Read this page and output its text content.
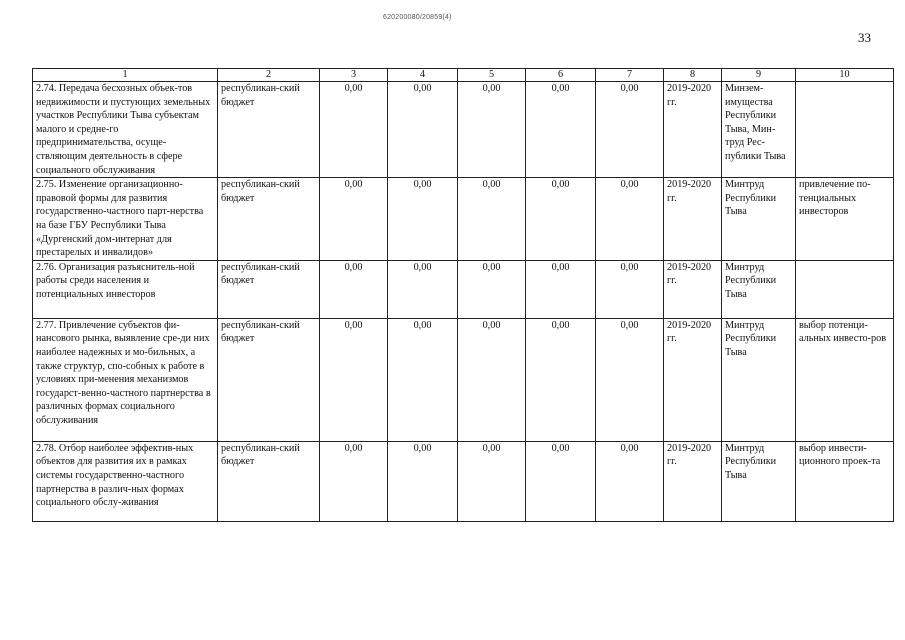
620200080/20859(4)
33
1	2	3	4	5	6	7	8	9	10
2.74. Передача бесхозных объек-тов недвижимости и пустующих земельных участков Республики Тыва субъектам малого и средне-го предпринимательства, осуще-ствляющим деятельность в сфере социального обслуживания	республикан-ский бюджет	0,00	0,00	0,00	0,00	0,00	2019-2020 гг.	Минзем-имущества Республики Тыва, Мин-труд Рес-публики Тыва	
2.75. Изменение организационно-правовой формы для развития государственно-частного парт-нерства на базе ГБУ Республики Тыва «Дургенский дом-интернат для престарелых и инвалидов»	республикан-ский бюджет	0,00	0,00	0,00	0,00	0,00	2019-2020 гг.	Минтруд Республики Тыва	привлечение по-тенциальных инвесторов
2.76. Организация разъяснитель-ной работы среди населения и потенциальных инвесторов	республикан-ский бюджет	0,00	0,00	0,00	0,00	0,00	2019-2020 гг.	Минтруд Республики Тыва	
2.77. Привлечение субъектов фи-нансового рынка, выявление сре-ди них наиболее надежных и мо-бильных, а также структур, спо-собных к работе в условиях при-менения механизмов государст-венно-частного партнерства в различных формах социального обслуживания	республикан-ский бюджет	0,00	0,00	0,00	0,00	0,00	2019-2020 гг.	Минтруд Республики Тыва	выбор потенци-альных инвесто-ров
2.78. Отбор наиболее эффектив-ных объектов для развития их в рамках системы государственно-частного партнерства в различ-ных формах социального обслу-живания	республикан-ский бюджет	0,00	0,00	0,00	0,00	0,00	2019-2020 гг.	Минтруд Республики Тыва	выбор инвести-ционного проек-та
